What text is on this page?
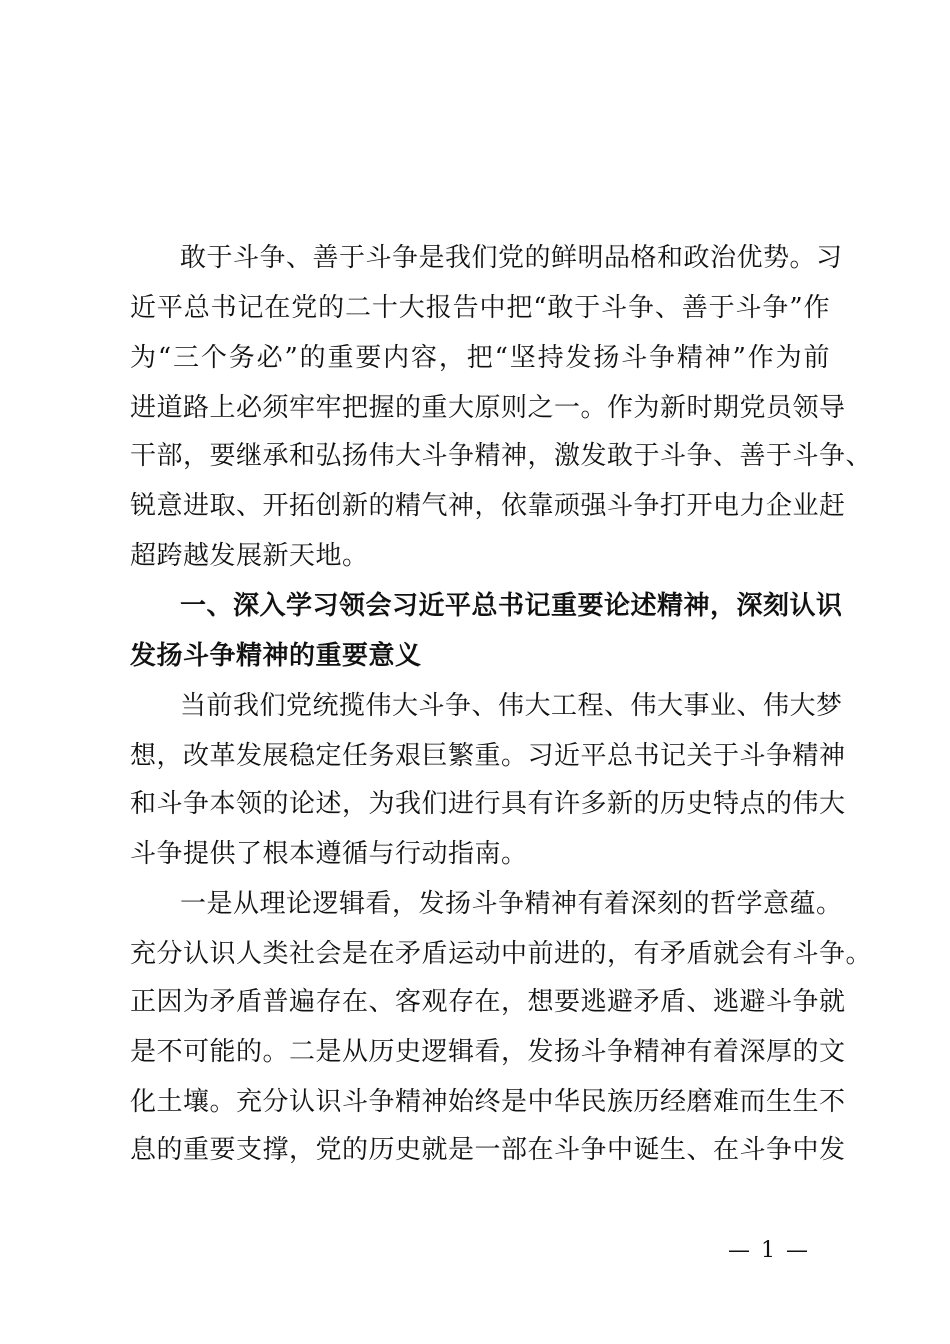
敢于斗争、善于斗争是我们党的鲜明品格和政治优势。习
近平总书记在党的二十大报告中把“敢于斗争、善于斗争”作
为“三个务必”的重要内容，把“坚持发扬斗争精神”作为前
进道路上必须牢牢把握的重大原则之一。作为新时期党员领导
干部，要继承和弘扬伟大斗争精神，激发敢于斗争、善于斗争、
锐意进取、开拓创新的精气神，依靠顽强斗争打开电力企业赶
超跨越发展新天地。
一、深入学习领会习近平总书记重要论述精神，深刻认识
发扬斗争精神的重要意义
当前我们党统揽伟大斗争、伟大工程、伟大事业、伟大梦
想，改革发展稳定任务艰巨繁重。习近平总书记关于斗争精神
和斗争本领的论述，为我们进行具有许多新的历史特点的伟大
斗争提供了根本遵循与行动指南。
一是从理论逻辑看，发扬斗争精神有着深刻的哲学意蕴。
充分认识人类社会是在矛盾运动中前进的，有矛盾就会有斗争。
正因为矛盾普遍存在、客观存在，想要逃避矛盾、逃避斗争就
是不可能的。二是从历史逻辑看，发扬斗争精神有着深厚的文
化土壤。充分认识斗争精神始终是中华民族历经磨难而生生不
息的重要支撑，党的历史就是一部在斗争中诞生、在斗争中发
— 1 —
